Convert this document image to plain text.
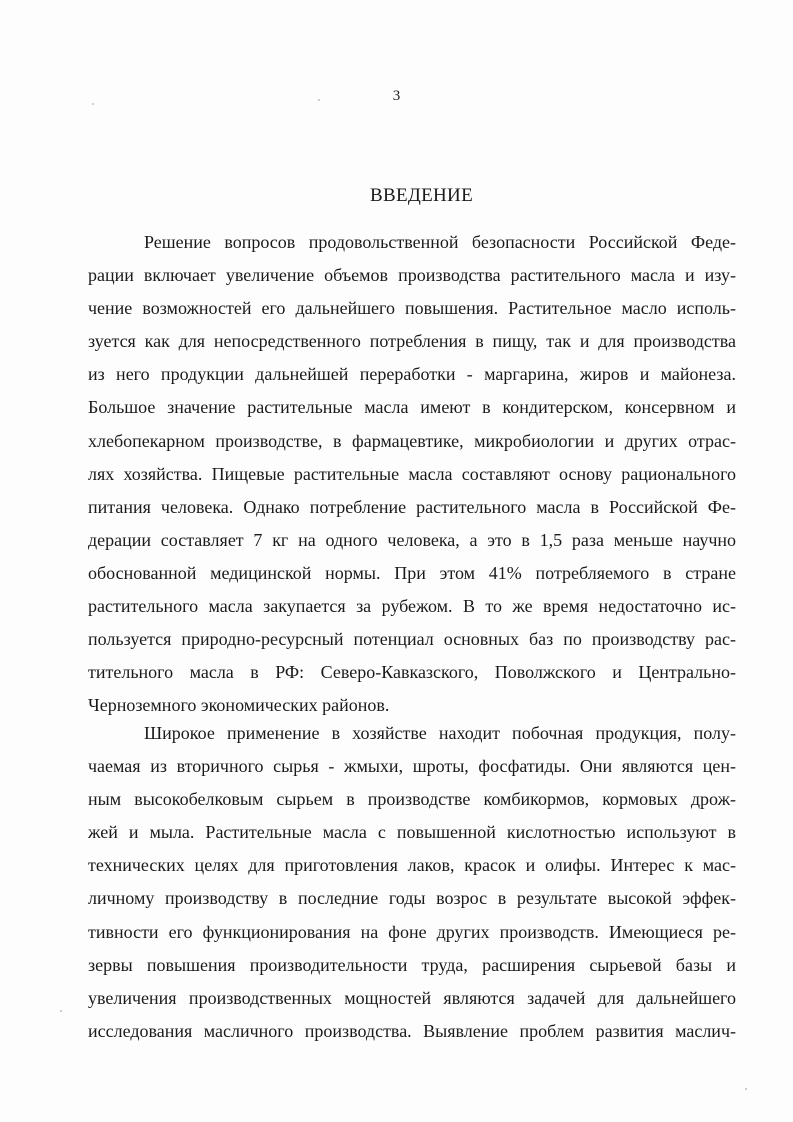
3
ВВЕДЕНИЕ
Решение вопросов продовольственной безопасности Российской Феде-
рации включает увеличение объемов производства растительного масла и изу-
чение возможностей его дальнейшего повышения. Растительное масло исполь-
зуется как для непосредственного потребления в пищу, так и для производства
из него продукции дальнейшей переработки - маргарина, жиров и майонеза.
Большое значение растительные масла имеют в кондитерском, консервном и
хлебопекарном производстве, в фармацевтике, микробиологии и других отрас-
лях хозяйства. Пищевые растительные масла составляют основу рационального
питания человека. Однако потребление растительного масла в Российской Фе-
дерации составляет 7 кг на одного человека, а это в 1,5 раза меньше научно
обоснованной медицинской нормы. При этом 41% потребляемого в стране
растительного масла закупается за рубежом. В то же время недостаточно ис-
пользуется природно-ресурсный потенциал основных баз по производству рас-
тительного масла в РФ: Северо-Кавказского, Поволжского и Центрально-
Черноземного экономических районов.
Широкое применение в хозяйстве находит побочная продукция, полу-
чаемая из вторичного сырья - жмыхи, шроты, фосфатиды. Они являются цен-
ным высокобелковым сырьем в производстве комбикормов, кормовых дрож-
жей и мыла. Растительные масла с повышенной кислотностью используют в
технических целях для приготовления лаков, красок и олифы. Интерес к мас-
личному производству в последние годы возрос в результате высокой эффек-
тивности его функционирования на фоне других производств. Имеющиеся ре-
зервы повышения производительности труда, расширения сырьевой базы и
увеличения производственных мощностей являются задачей для дальнейшего
исследования масличного производства. Выявление проблем развития маслич-
